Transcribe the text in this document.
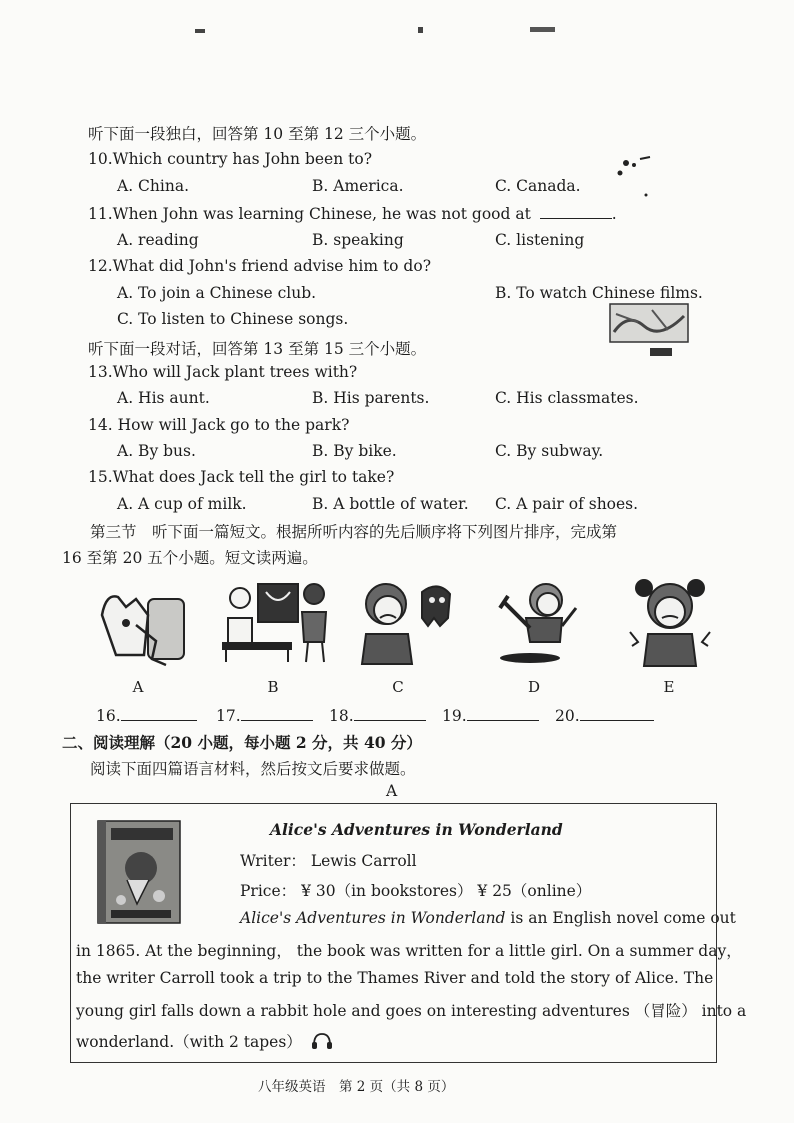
听下面一段独白，回答第 10 至第 12 三个小题。
10.Which country has John been to?
A. China.	B. America.	C. Canada.
11.When John was learning Chinese, he was not good at	.
A. reading	B. speaking	C. listening
12.What did John's friend advise him to do?
A. To join a Chinese club.	B. To watch Chinese films.
C. To listen to Chinese songs.
听下面一段对话，回答第 13 至第 15 三个小题。
13.Who will Jack plant trees with?
A. His aunt.	B. His parents.	C. His classmates.
14. How will Jack go to the park?
A. By bus.	B. By bike.	C. By subway.
15.What does Jack tell the girl to take?
A. A cup of milk.	B. A bottle of water. C. A pair of shoes.
第三节　听下面一篇短文。根据所听内容的先后顺序将下列图片排序，完成第
16 至第 20 五个小题。短文读两遍。
A	B	C	D	E
16.	17.	18.	19.	20.
二、阅读理解（20 小题，每小题 2 分，共 40 分）
阅读下面四篇语言材料，然后按文后要求做题。
A
Alice's Adventures in Wonderland
Writer： Lewis Carroll
Price： ¥ 30（in bookstores） ¥ 25（online）
Alice's Adventures in Wonderland is an English novel come out
in 1865. At the beginning， the book was written for a little girl. On a summer day，
the writer Carroll took a trip to the Thames River and told the story of Alice. The
young girl falls down a rabbit hole and goes on interesting adventures （冒险） into a
wonderland.（with 2 tapes）
八年级英语　第 2 页（共 8 页）
